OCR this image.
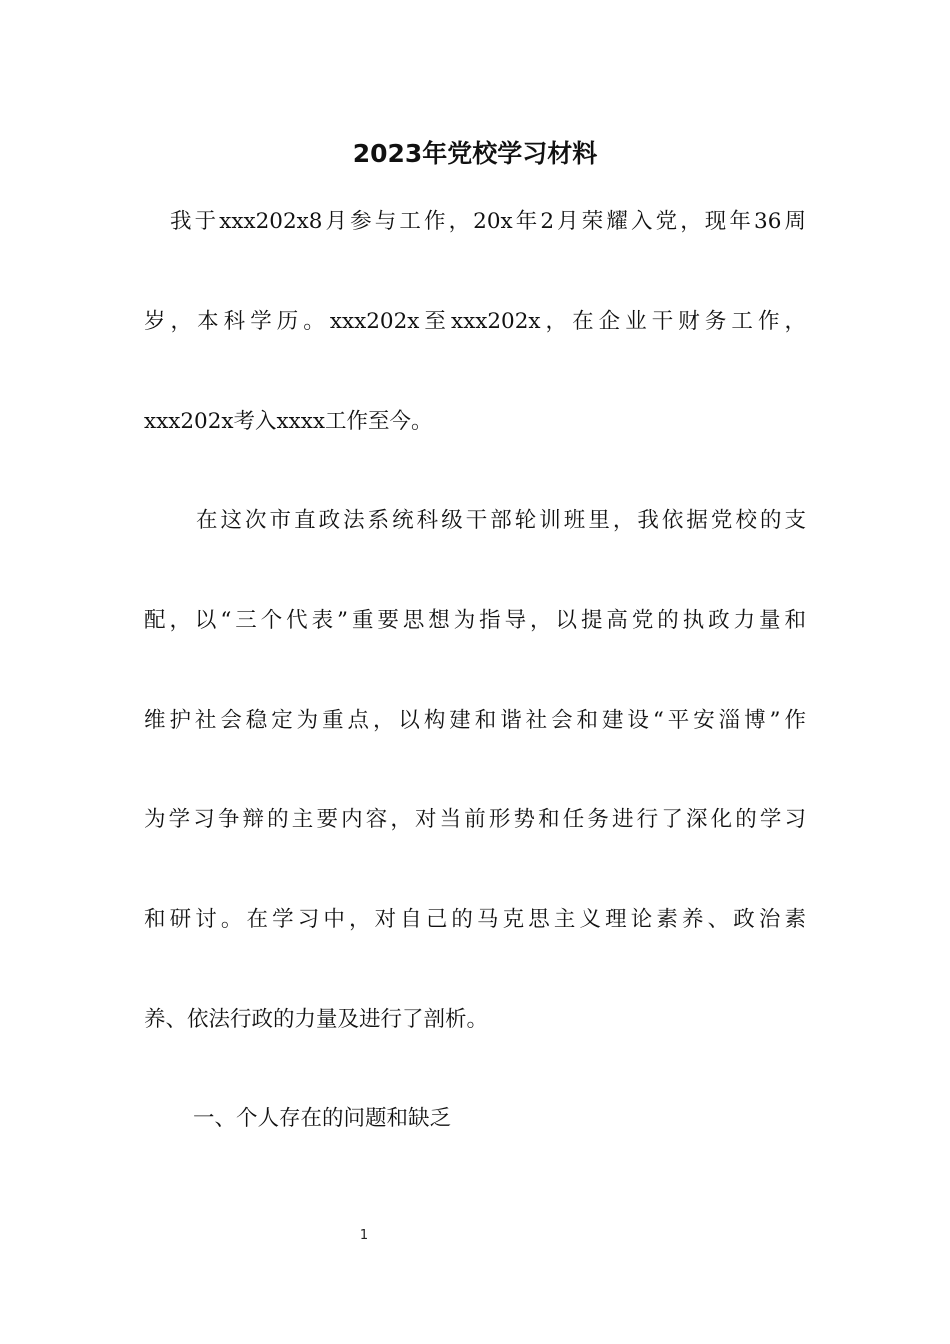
2023年党校学习材料
我于xxx202x8月参与工作，20x年2月荣耀入党，现年36周
岁，本科学历。xxx202x至xxx202x，在企业干财务工作，
xxx202x考入xxxx工作至今。
在这次市直政法系统科级干部轮训班里，我依据党校的支
配，以“三个代表”重要思想为指导，以提高党的执政力量和
维护社会稳定为重点，以构建和谐社会和建设“平安淄博”作
为学习争辩的主要内容，对当前形势和任务进行了深化的学习
和研讨。在学习中，对自己的马克思主义理论素养、政治素
养、依法行政的力量及进行了剖析。
一、个人存在的问题和缺乏
1
